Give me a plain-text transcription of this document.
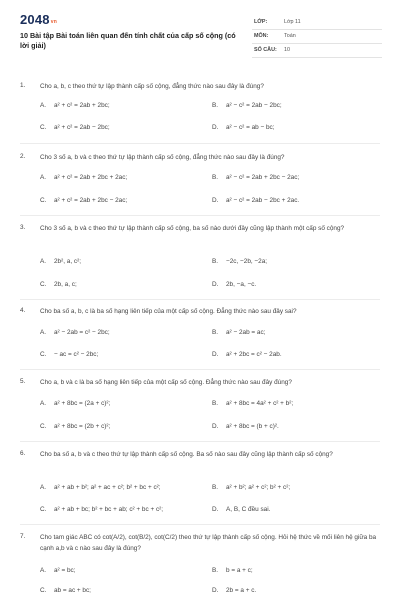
$2048^{vn}$
10 Bài tập Bài toán liên quan đến tính chất của cấp số cộng (có lời giải)
LỚP:	Lớp 11
MÔN:	Toán
SỐ CÂU: 10
1. Cho a, b, c theo thứ tự lập thành cấp số cộng, đẳng thức nào sau đây là đúng?
A. a² + c² = 2ab + 2bc;	B. a² − c² = 2ab − 2bc;
C. a² + c² = 2ab − 2bc;	D. a² − c² = ab − bc;
2. Cho 3 số a, b và c theo thứ tự lập thành cấp số cộng, đẳng thức nào sau đây là đúng?
A. a² + c² = 2ab + 2bc + 2ac;	B. a² − c² = 2ab + 2bc − 2ac;
C. a² + c² = 2ab + 2bc − 2ac;	D. a² − c² = 2ab − 2bc + 2ac.
3. Cho 3 số a, b và c theo thứ tự lập thành cấp số cộng, ba số nào dưới đây cũng lập thành một cấp số cộng?
A. 2b², a, c²;	B. −2c, −2b, −2a;
C. 2b, a, c;	D. 2b, −a, −c.
4. Cho ba số a, b, c là ba số hạng liên tiếp của một cấp số cộng. Đẳng thức nào sau đây sai?
A. a² − 2ab = c² − 2bc;	B. a² − 2ab = ac;
C. − ac = c² − 2bc;	D. a² + 2bc = c² − 2ab.
5. Cho a, b và c là ba số hạng liên tiếp của một cấp số cộng. Đẳng thức nào sau đây đúng?
A. a² + 8bc = (2a + c)²;	B. a² + 8bc = 4a² + c² + b²;
C. a² + 8bc = (2b + c)²;	D. a² + 8bc = (b + c)².
6. Cho ba số a, b và c theo thứ tự lập thành cấp số cộng. Ba số nào sau đây cũng lập thành cấp số cộng?
A. a² + ab + b²; a² + ac + c²; b² + bc + c²;	B. a² + b²; a² + c²; b² + c²;
C. a² + ab + bc; b² + bc + ab; c² + bc + c²;	D. A, B, C đều sai.
7. Cho tam giác ABC có cot(A/2), cot(B/2), cot(C/2) theo thứ tự lập thành cấp số cộng. Hỏi hệ thức về mối liên hệ giữa ba cạnh a,b và c nào sau đây là đúng?
A. a² = bc;	B. b = a + c;
C. ab = ac + bc;	D. 2b = a + c.
